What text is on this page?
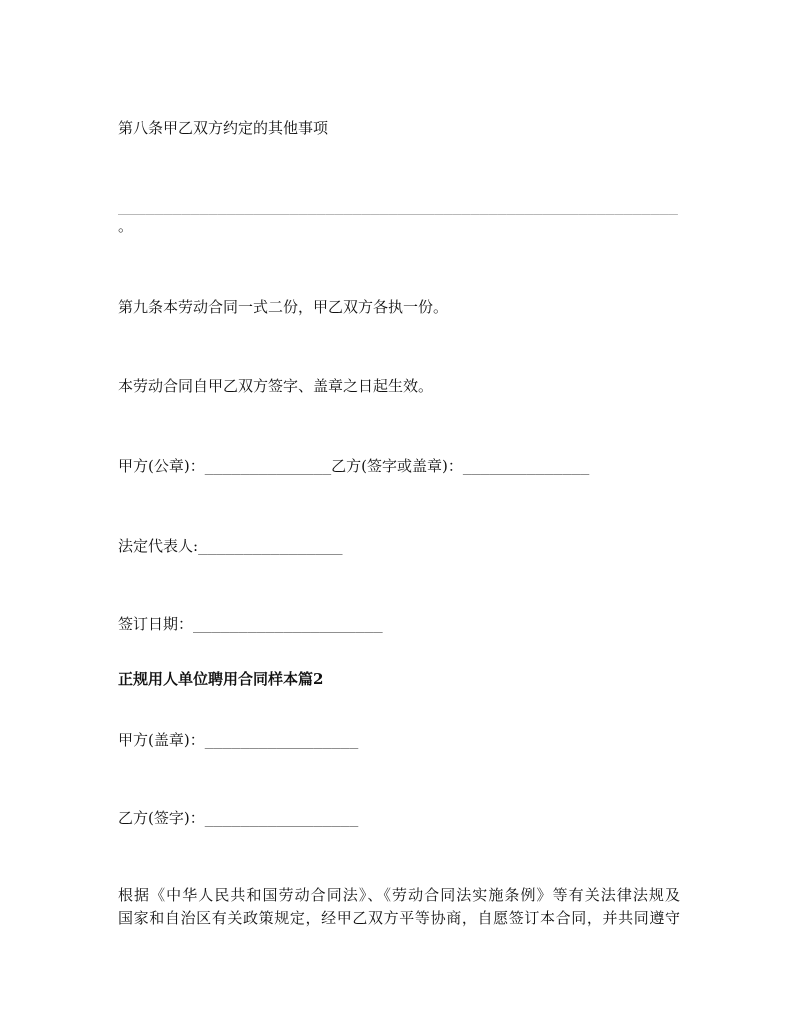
第八条甲乙双方约定的其他事项
______________________________________________________________
。
第九条本劳动合同一式二份，甲乙双方各执一份。
本劳动合同自甲乙双方签字、盖章之日起生效。
甲方(公章)：______________乙方(签字或盖章)：______________
法定代表人:________________
签订日期：_____________________
正规用人单位聘用合同样本篇2
甲方(盖章)：_________________
乙方(签字)：_________________
根据《中华人民共和国劳动合同法》、《劳动合同法实施条例》等有关法律法规及
国家和自治区有关政策规定，经甲乙双方平等协商，自愿签订本合同，并共同遵守
